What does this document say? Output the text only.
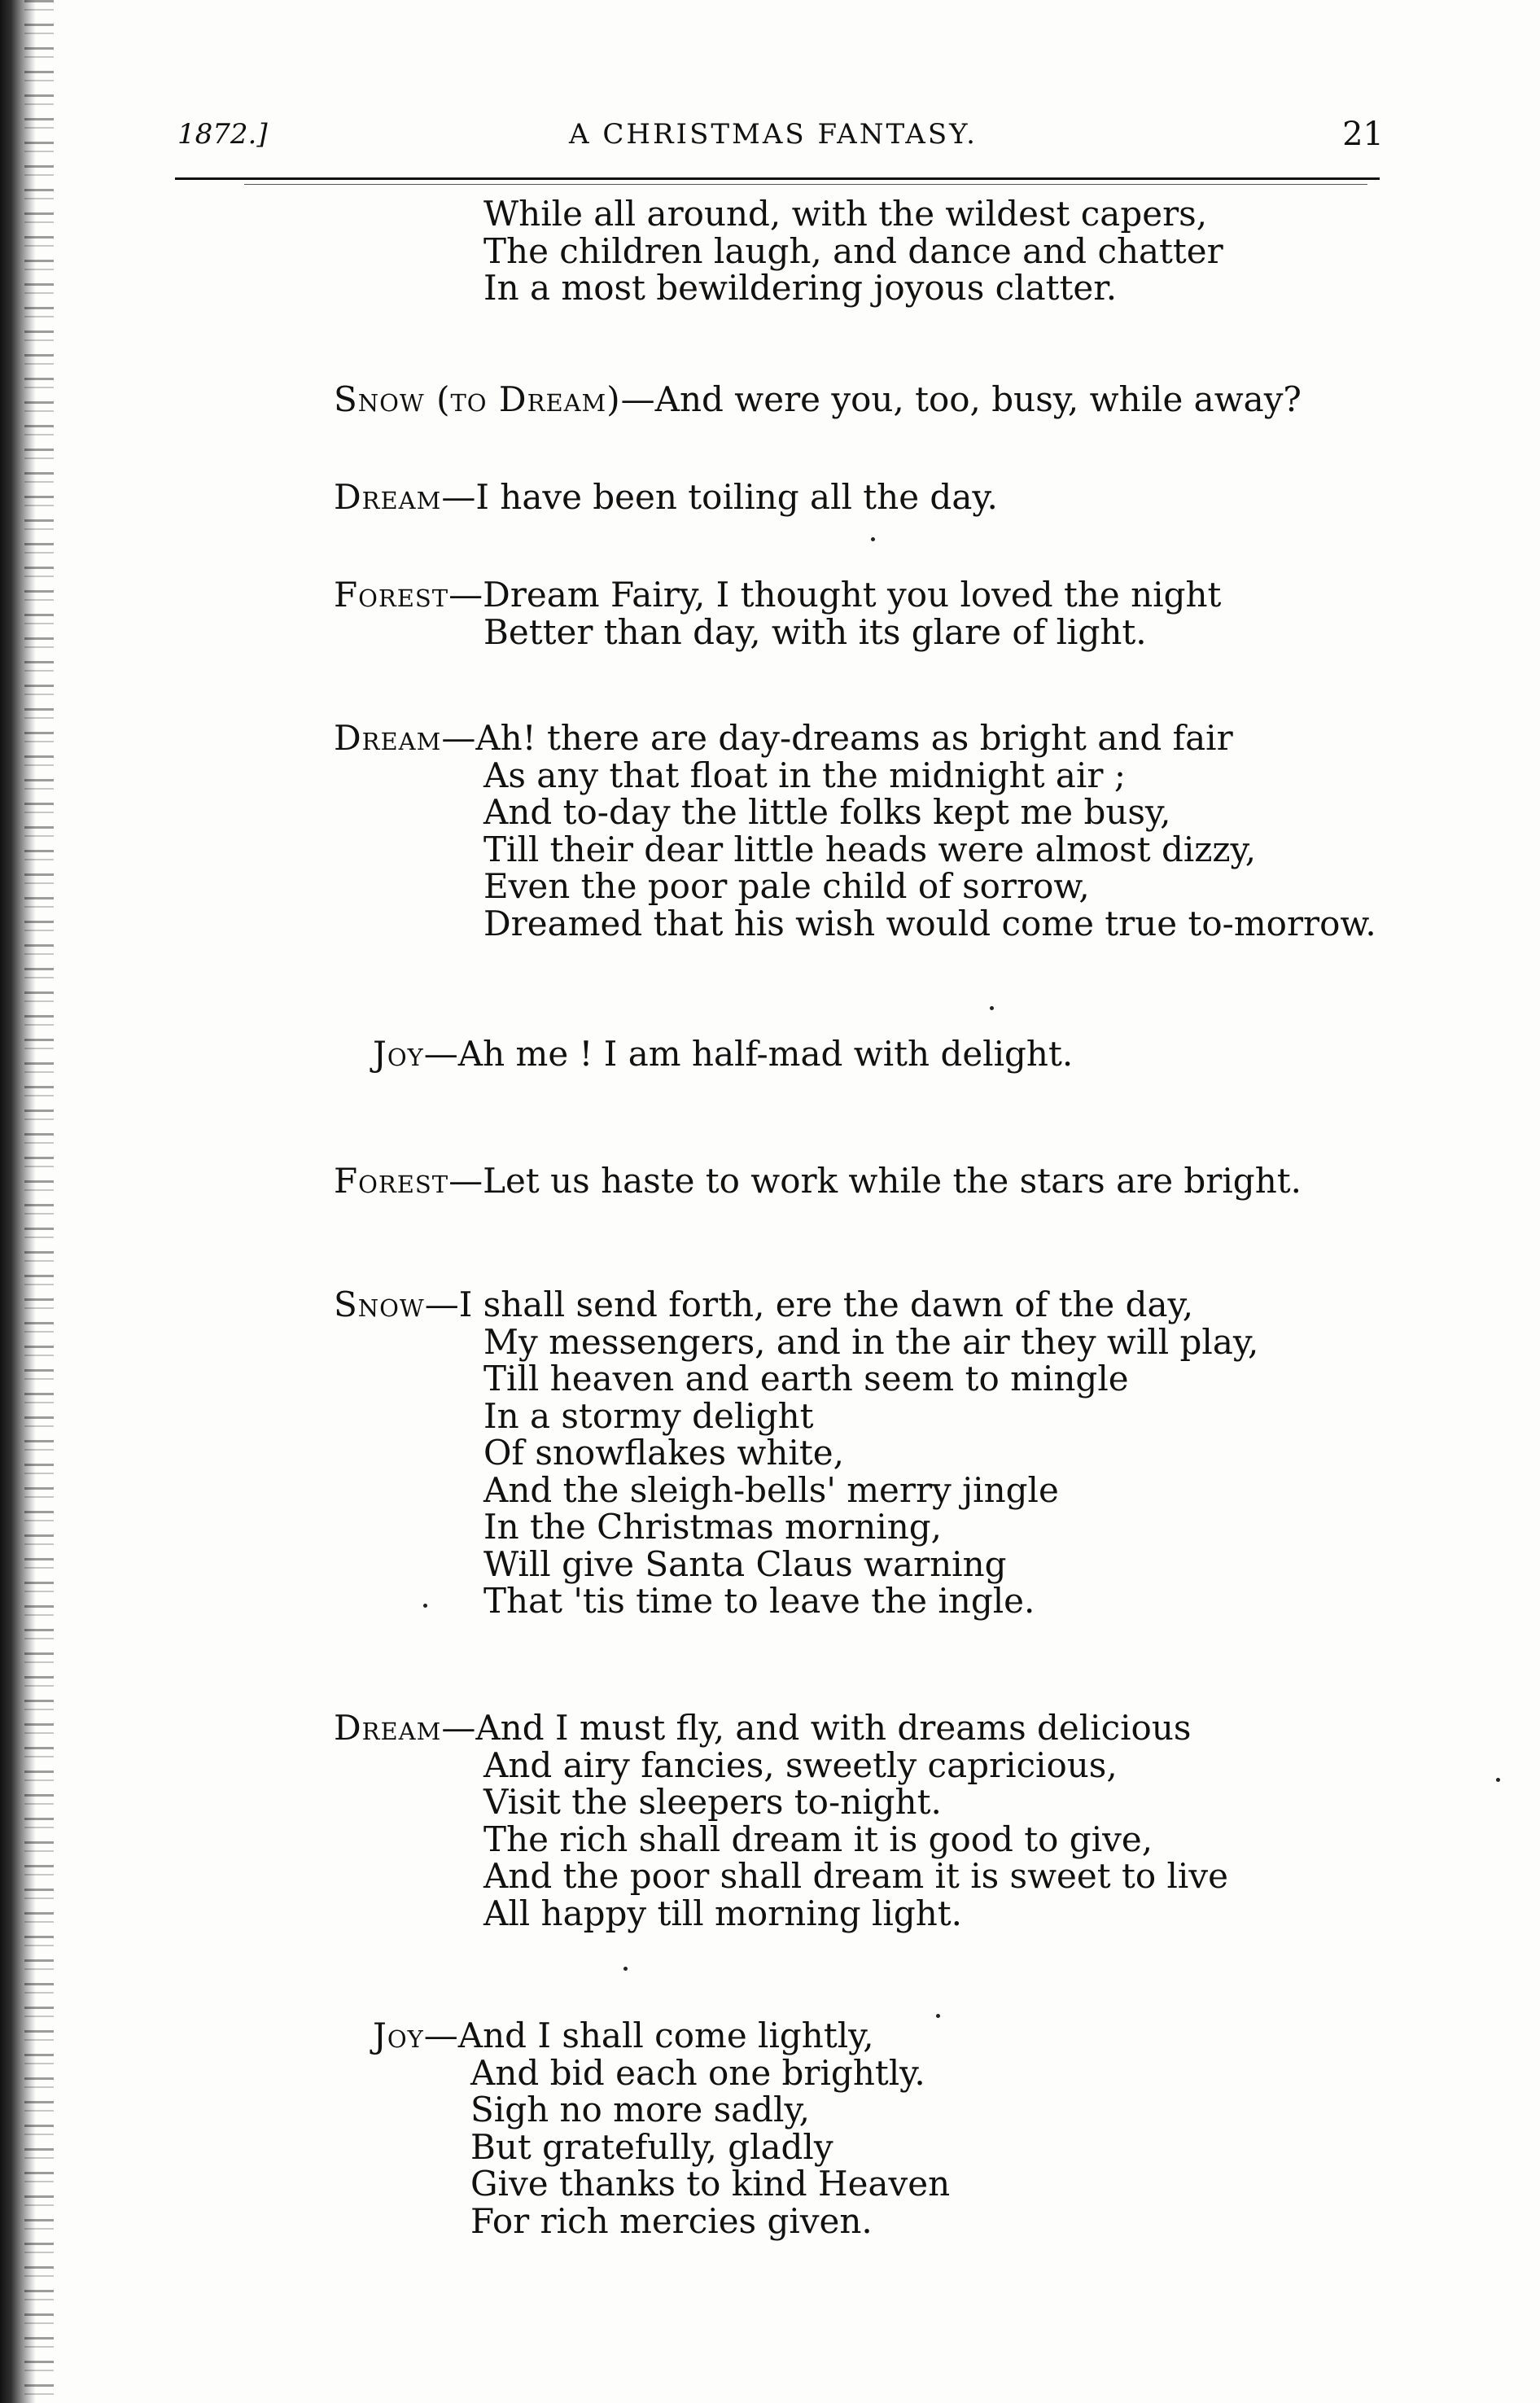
1872.]	A CHRISTMAS FANTASY.	21
While all around, with the wildest capers,
The children laugh, and dance and chatter
In a most bewildering joyous clatter.
Snow (to Dream)—And were you, too, busy, while away?
Dream—I have been toiling all the day.
Forest—Dream Fairy, I thought you loved the night
Better than day, with its glare of light.
Dream—Ah! there are day-dreams as bright and fair
As any that float in the midnight air ;
And to-day the little folks kept me busy,
Till their dear little heads were almost dizzy,
Even the poor pale child of sorrow,
Dreamed that his wish would come true to-morrow.
Joy—Ah me ! I am half-mad with delight.
Forest—Let us haste to work while the stars are bright.
Snow—I shall send forth, ere the dawn of the day,
My messengers, and in the air they will play,
Till heaven and earth seem to mingle
In a stormy delight
Of snowflakes white,
And the sleigh-bells' merry jingle
In the Christmas morning,
Will give Santa Claus warning
That 'tis time to leave the ingle.
Dream—And I must fly, and with dreams delicious
And airy fancies, sweetly capricious,
Visit the sleepers to-night.
The rich shall dream it is good to give,
And the poor shall dream it is sweet to live
All happy till morning light.
Joy—And I shall come lightly,
And bid each one brightly.
Sigh no more sadly,
But gratefully, gladly
Give thanks to kind Heaven
For rich mercies given.
